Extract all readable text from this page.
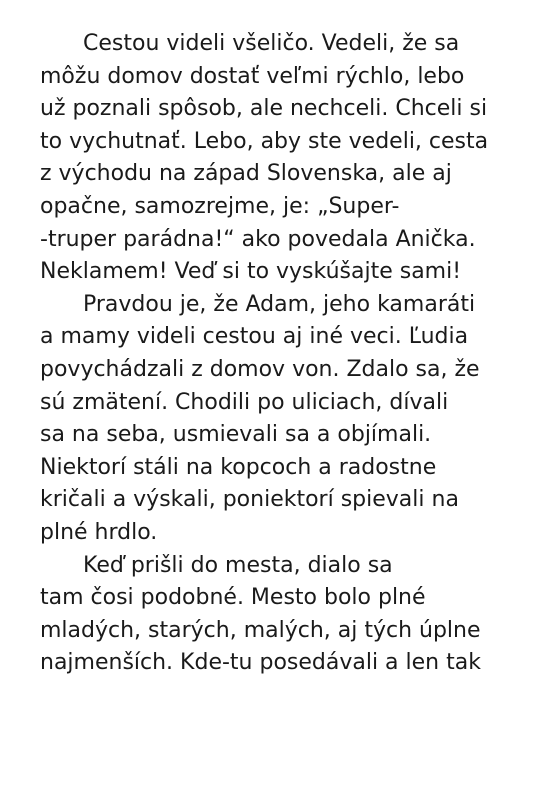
Cestou videli všeličo. Vedeli, že sa
môžu domov dostať veľmi rýchlo, lebo
už poznali spôsob, ale nechceli. Chceli si
to vychutnať. Lebo, aby ste vedeli, cesta
z východu na západ Slovenska, ale aj
opačne, samozrejme, je: „Super-
-truper parádna!“ ako povedala Anička.
Neklamem! Veď si to vyskúšajte sami!
Pravdou je, že Adam, jeho kamaráti
a mamy videli cestou aj iné veci. Ľudia
povychádzali z domov von. Zdalo sa, že
sú zmätení. Chodili po uliciach, dívali
sa na seba, usmievali sa a objímali.
Niektorí stáli na kopcoch a radostne
kričali a výskali, poniektorí spievali na
plné hrdlo.
Keď prišli do mesta, dialo sa
tam čosi podobné. Mesto bolo plné
mladých, starých, malých, aj tých úplne
najmenších. Kde-tu posedávali a len tak
